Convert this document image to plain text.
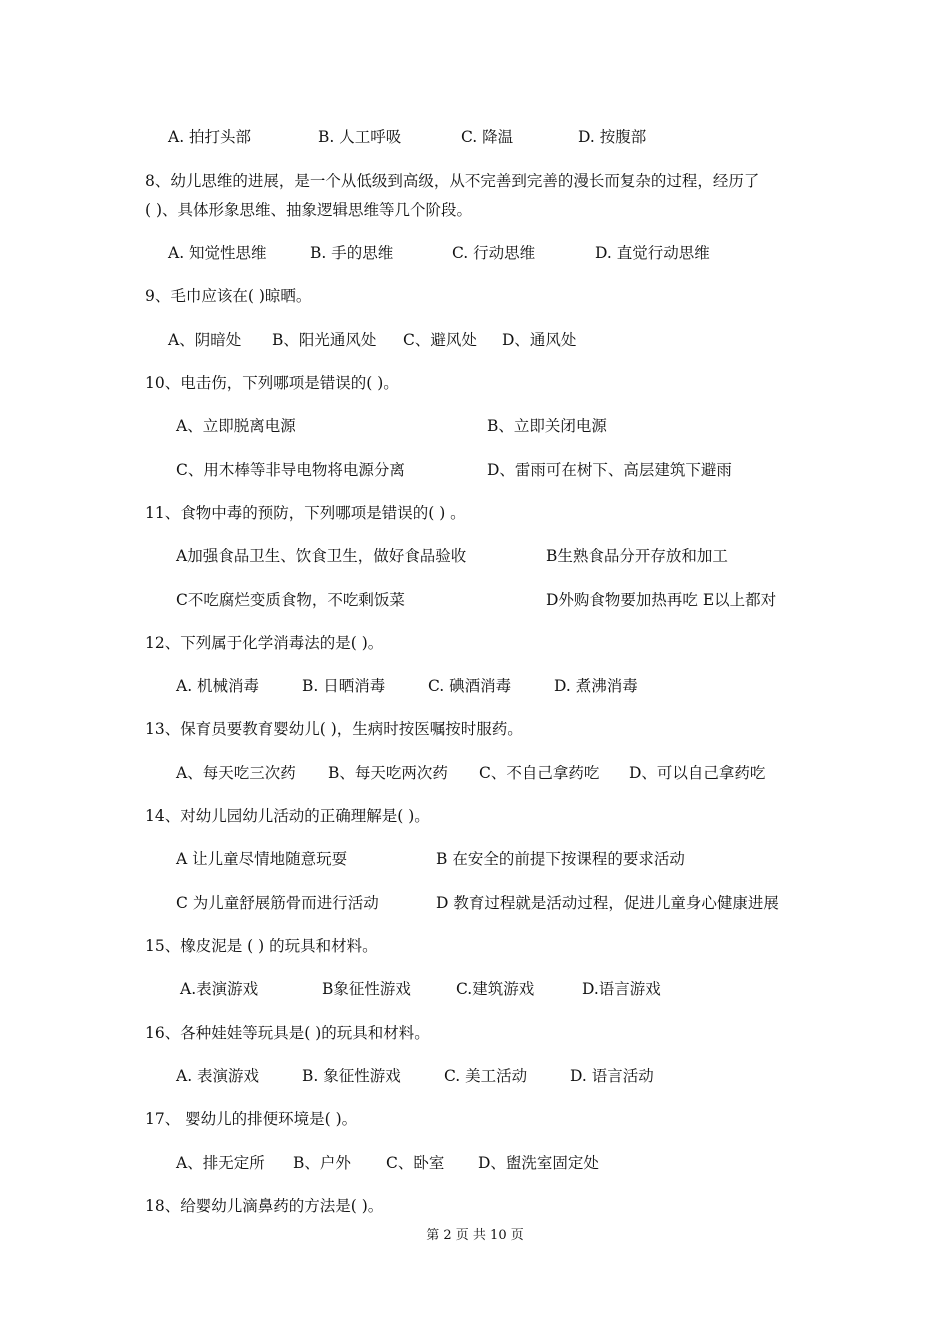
A. 拍打头部	B. 人工呼吸	C. 降温	D. 按腹部
8、幼儿思维的进展，是一个从低级到高级，从不完善到完善的漫长而复杂的过程，经历了
( )、具体形象思维、抽象逻辑思维等几个阶段。
A. 知觉性思维	B. 手的思维	C. 行动思维	D. 直觉行动思维
9、毛巾应该在( )晾晒。
A、阴暗处 B、阳光通风处 C、避风处 D、通风处
10、电击伤，下列哪项是错误的( )。
A、立即脱离电源	B、立即关闭电源
C、用木棒等非导电物将电源分离	D、雷雨可在树下、高层建筑下避雨
11、食物中毒的预防，下列哪项是错误的( ) 。
A加强食品卫生、饮食卫生，做好食品验收	B生熟食品分开存放和加工
C不吃腐烂变质食物，不吃剩饭菜	D外购食物要加热再吃 E以上都对
12、下列属于化学消毒法的是( )。
A. 机械消毒	B. 日晒消毒	C. 碘酒消毒	D. 煮沸消毒
13、保育员要教育婴幼儿( )，生病时按医嘱按时服药。
A、每天吃三次药 B、每天吃两次药 C、不自己拿药吃 D、可以自己拿药吃
14、对幼儿园幼儿活动的正确理解是( )。
A 让儿童尽情地随意玩耍	B 在安全的前提下按课程的要求活动
C 为儿童舒展筋骨而进行活动	D 教育过程就是活动过程，促进儿童身心健康进展
15、橡皮泥是 ( ) 的玩具和材料。
A.表演游戏	B象征性游戏	C.建筑游戏	D.语言游戏
16、各种娃娃等玩具是( )的玩具和材料。
A. 表演游戏	B. 象征性游戏	C. 美工活动	D. 语言活动
17、 婴幼儿的排便环境是( )。
A、排无定所 B、户外 C、卧室 D、盥洗室固定处
18、给婴幼儿滴鼻药的方法是( )。
第 2 页 共 10 页
